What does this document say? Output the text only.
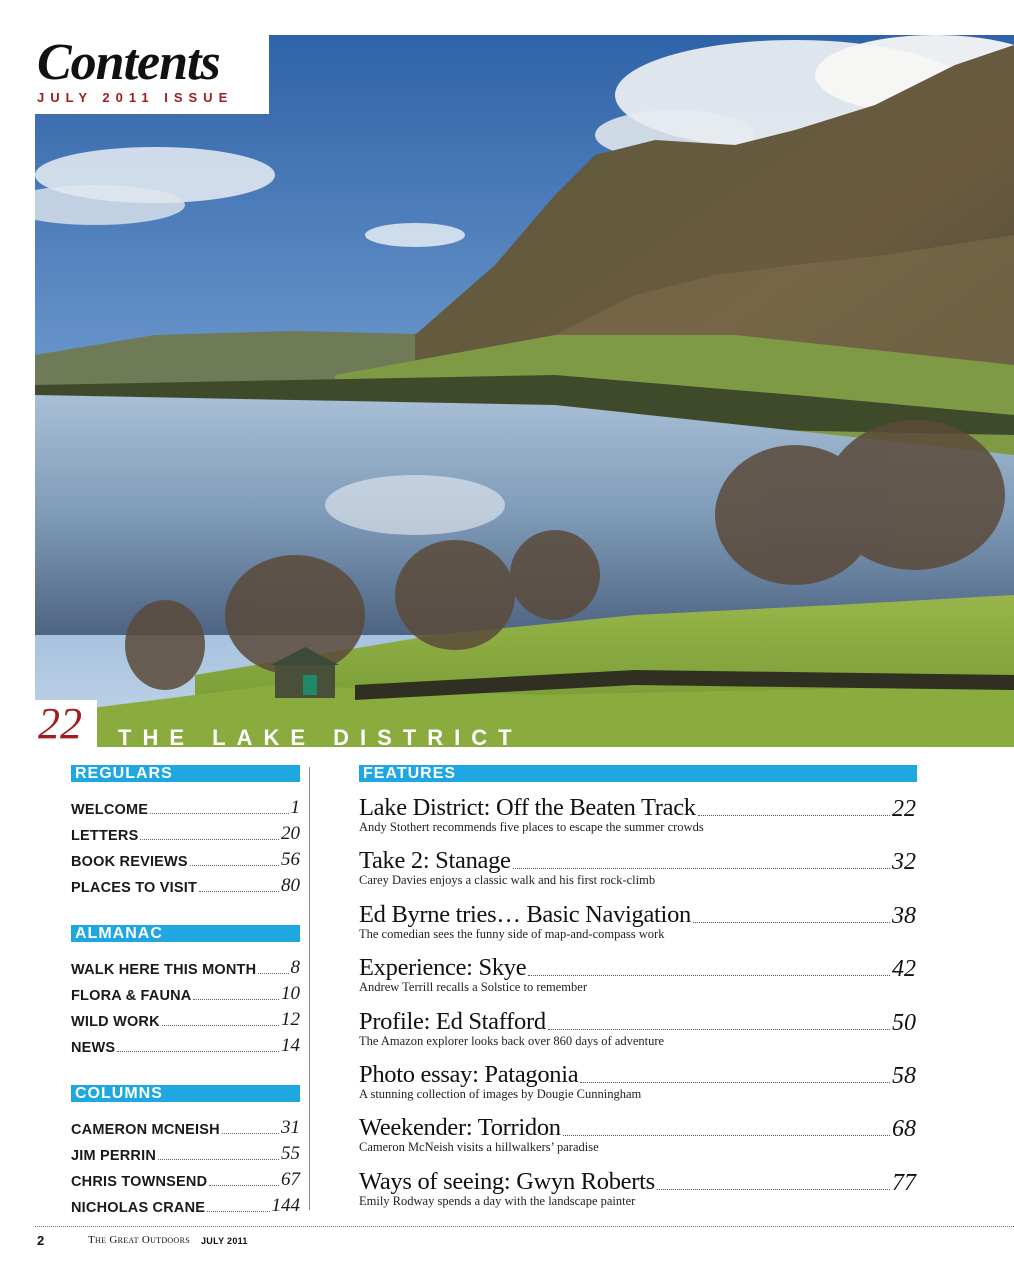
Contents
JULY 2011 ISSUE
22 THE LAKE DISTRICT
REGULARS
WELCOME	1
LETTERS	20
BOOK REVIEWS	56
PLACES TO VISIT	80
ALMANAC
WALK HERE THIS MONTH 8
FLORA & FAUNA	10
WILD WORK	12
NEWS	14
COLUMNS
CAMERON MCNEISH	31
JIM PERRIN	55
CHRIS TOWNSEND	67
NICHOLAS CRANE	144
FEATURES
Lake District: Off the Beaten Track	22
Andy Stothert recommends five places to escape the summer crowds
Take 2: Stanage	32
Carey Davies enjoys a classic walk and his first rock-climb
Ed Byrne tries… Basic Navigation	38
The comedian sees the funny side of map-and-compass work
Experience: Skye	42
Andrew Terrill recalls a Solstice to remember
Profile: Ed Stafford	50
The Amazon explorer looks back over 860 days of adventure
Photo essay: Patagonia	58
A stunning collection of images by Dougie Cunningham
Weekender: Torridon	68
Cameron McNeish visits a hillwalkers’ paradise
Ways of seeing: Gwyn Roberts	77
Emily Rodway spends a day with the landscape painter
2	The Great Outdoors JULY 2011
